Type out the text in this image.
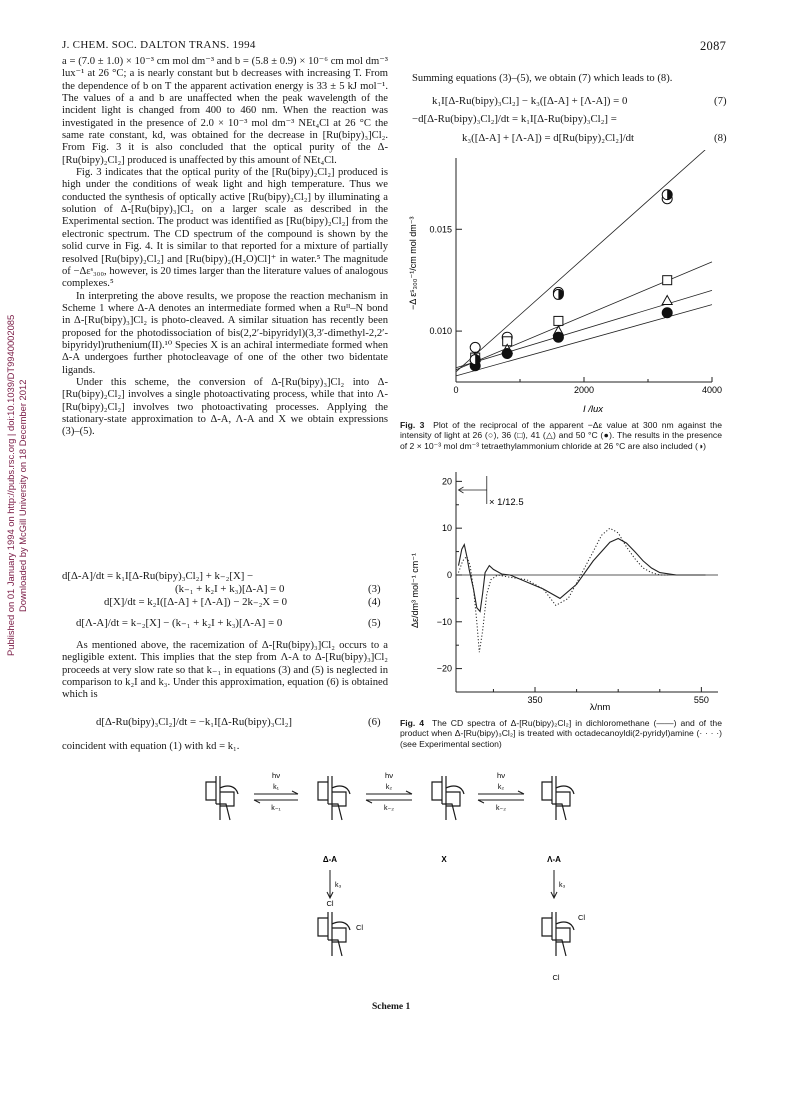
J. CHEM. SOC. DALTON TRANS. 1994	2087
Published on 01 January 1994 on http://pubs.rsc.org | doi:10.1039/DT9940002085 Downloaded by McGill University on 18 December 2012

a = (7.0 ± 1.0) × 10⁻³ cm mol dm⁻³ and b = (5.8 ± 0.9) × 10⁻⁶ cm mol dm⁻³ lux⁻¹ at 26 °C; a is nearly constant but b decreases with increasing T. From the dependence of b on T the apparent activation energy is 33 ± 5 kJ mol⁻¹. The values of a and b are unaffected when the peak wavelength of the incident light is changed from 400 to 460 nm. When the reaction was investigated in the presence of 2.0 × 10⁻³ mol dm⁻³ NEt₄Cl at 26 °C the same rate constant, kd, was obtained for the decrease in [Ru(bipy)₃]Cl₂. From Fig. 3 it is also concluded that the optical purity of the Δ-[Ru(bipy)₂Cl₂] produced is unaffected by this amount of NEt₄Cl.

Fig. 3 indicates that the optical purity of the [Ru(bipy)₂Cl₂] produced is high under the conditions of weak light and high temperature. Thus we conducted the synthesis of optically active [Ru(bipy)₂Cl₂] by illuminating a solution of Δ-[Ru(bipy)₃]Cl₂ on a larger scale as described in the Experimental section. The product was identified as [Ru(bipy)₂Cl₂] from the electronic spectrum. The CD spectrum of the compound is shown by the solid curve in Fig. 4. It is similar to that reported for a mixture of partially resolved [Ru(bipy)₂Cl₂] and [Ru(bipy)₂(H₂O)Cl]⁺ in water.⁵ The magnitude of −Δεˢ₃₀₀, however, is 20 times larger than the literature values of analogous complexes.⁵

In interpreting the above results, we propose the reaction mechanism in Scheme 1 where Δ-A denotes an intermediate formed when a Ruᴵᴵ–N bond in Δ-[Ru(bipy)₃]Cl₂ is photo-cleaved. A similar situation has recently been proposed for the photodissociation of bis(2,2′-bipyridyl)(3,3′-dimethyl-2,2′-bipyridyl)ruthenium(II).¹⁰ Species X is an achiral intermediate formed when Δ-A undergoes further photocleavage of one of the other two bidentate ligands.

Under this scheme, the conversion of Δ-[Ru(bipy)₃]Cl₂ into Δ-[Ru(bipy)₂Cl₂] involves a single photoactivating process, while that into Λ-[Ru(bipy)₂Cl₂] involves two photoactivating processes. Applying the stationary-state approximation to Δ-A, Λ-A and X we obtain expressions (3)–(5).

d[Δ-A]/dt = k₁I[Δ-Ru(bipy)₃Cl₂] + k₋₂[X] −
(k₋₁ + k₂I + k₃)[Δ-A] = 0	(3)
d[X]/dt = k₂I([Δ-A] + [Λ-A]) − 2k₋₂X = 0	(4)
d[Λ-A]/dt = k₋₂[X] − (k₋₁ + k₂I + k₃)[Λ-A] = 0	(5)
As mentioned above, the racemization of Δ-[Ru(bipy)₃]Cl₂ occurs to a negligible extent. This implies that the step from Λ-A to Δ-[Ru(bipy)₃]Cl₂ proceeds at very slow rate so that k₋₁ in equations (3) and (5) is neglected in comparison to k₂I and k₃. Under this approximation, equation (6) is obtained which is
d[Δ-Ru(bipy)₃Cl₂]/dt = −k₁I[Δ-Ru(bipy)₃Cl₂]	(6)
coincident with equation (1) with kd = k₁.
Summing equations (3)–(5), we obtain (7) which leads to (8).
k₁I[Δ-Ru(bipy)₃Cl₂] − k₃([Δ-A] + [Λ-A]) = 0	(7)
−d[Δ-Ru(bipy)₃Cl₂]/dt = k₁I[Δ-Ru(bipy)₃Cl₂] =
k₃([Δ-A] + [Λ-A]) = d[Ru(bipy)₂Cl₂]/dt	(8)
−Δ εˢ₃₀₀⁻¹/cm mol dm⁻³
I /lux
0.010
0.015
0	2000	4000
Fig. 3 Plot of the reciprocal of the apparent −Δε value at 300 nm against the intensity of light at 26 (○), 36 (□), 41 (△) and 50 °C (●). The results in the presence of 2 × 10⁻³ mol dm⁻³ tetraethylammonium chloride at 26 °C are also included (◑)
Δε/dm³ mol⁻¹ cm⁻¹
λ/nm
× 1/12.5
20
10
0
−10
−20
350	550
Fig. 4 The CD spectra of Δ-[Ru(bipy)₂Cl₂] in dichloromethane (——) and of the product when Δ-[Ru(bipy)₃Cl₂] is treated with octadecanoyldi(2-pyridyl)amine (· · · ·) (see Experimental section)
hν
k₁
k₋₁
hν
k₂
k₋₂
hν
k₂
k₋₂
Δ-A	X	Λ-A
k₃	k₃
Cl
Cl
Cl
Cl
Scheme 1
